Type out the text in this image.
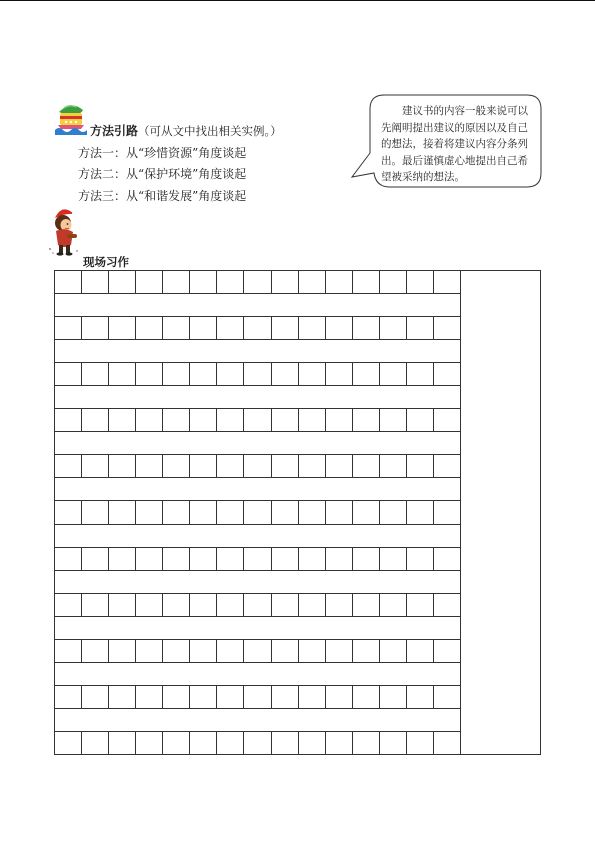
方法引路（可从文中找出相关实例。）
方法一：从“珍惜资源”角度谈起
方法二：从“保护环境”角度谈起
方法三：从“和谐发展”角度谈起
建议书的内容一般来说可以
先阐明提出建议的原因以及自己
的想法，接着将建议内容分条列
出。最后谨慎虚心地提出自己希
望被采纳的想法。
现场习作
